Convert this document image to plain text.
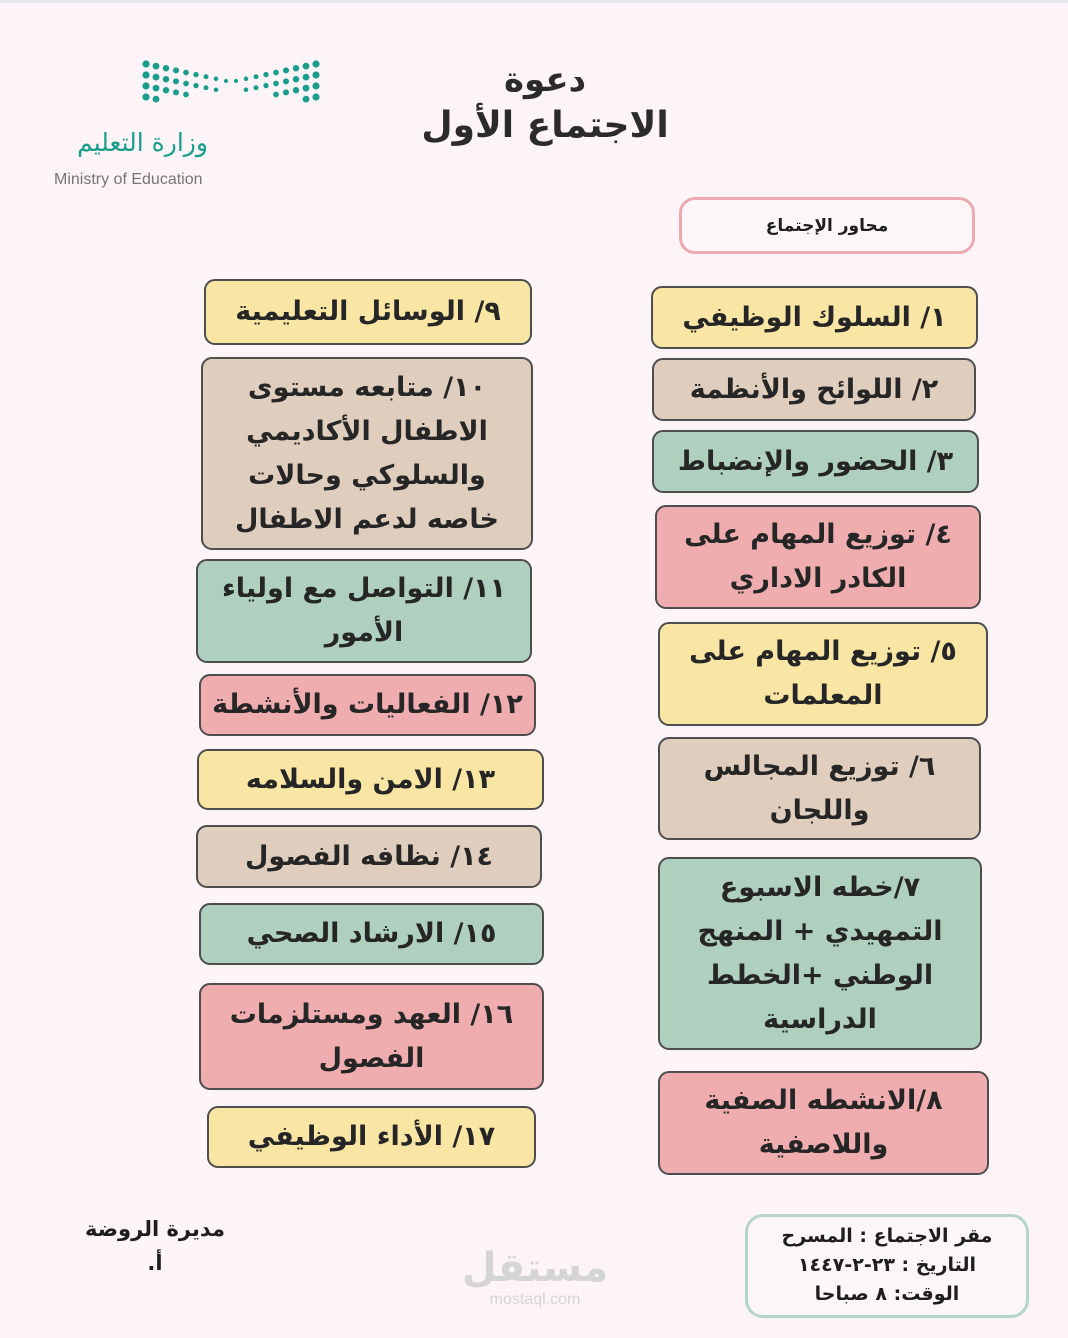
وزارة التعليم
Ministry of Education
دعوة
الاجتماع الأول
محاور الإجتماع
١/ السلوك الوظيفي
٢/ اللوائح والأنظمة
٣/ الحضور والإنضباط
٤/ توزيع المهام على الكادر الاداري
٥/ توزيع المهام على المعلمات
٦/ توزيع المجالس واللجان
٧/خطه الاسبوع التمهيدي + المنهج الوطني +الخطط الدراسية
٨/الانشطه الصفية واللاصفية
٩/ الوسائل التعليمية
١٠/ متابعه مستوى الاطفال الأكاديمي والسلوكي وحالات خاصه لدعم الاطفال
١١/ التواصل مع اولياء الأمور
١٢/ الفعاليات والأنشطة
١٣/ الامن والسلامه
١٤/ نظافه الفصول
١٥/ الارشاد الصحي
١٦/ العهد ومستلزمات الفصول
١٧/ الأداء الوظيفي
مديرة الروضة
أ.	مستقل
mostaql.com
مقر الاجتماع : المسرح
التاريخ : ٢٣-٢-١٤٤٧
الوقت: ٨ صباحا
